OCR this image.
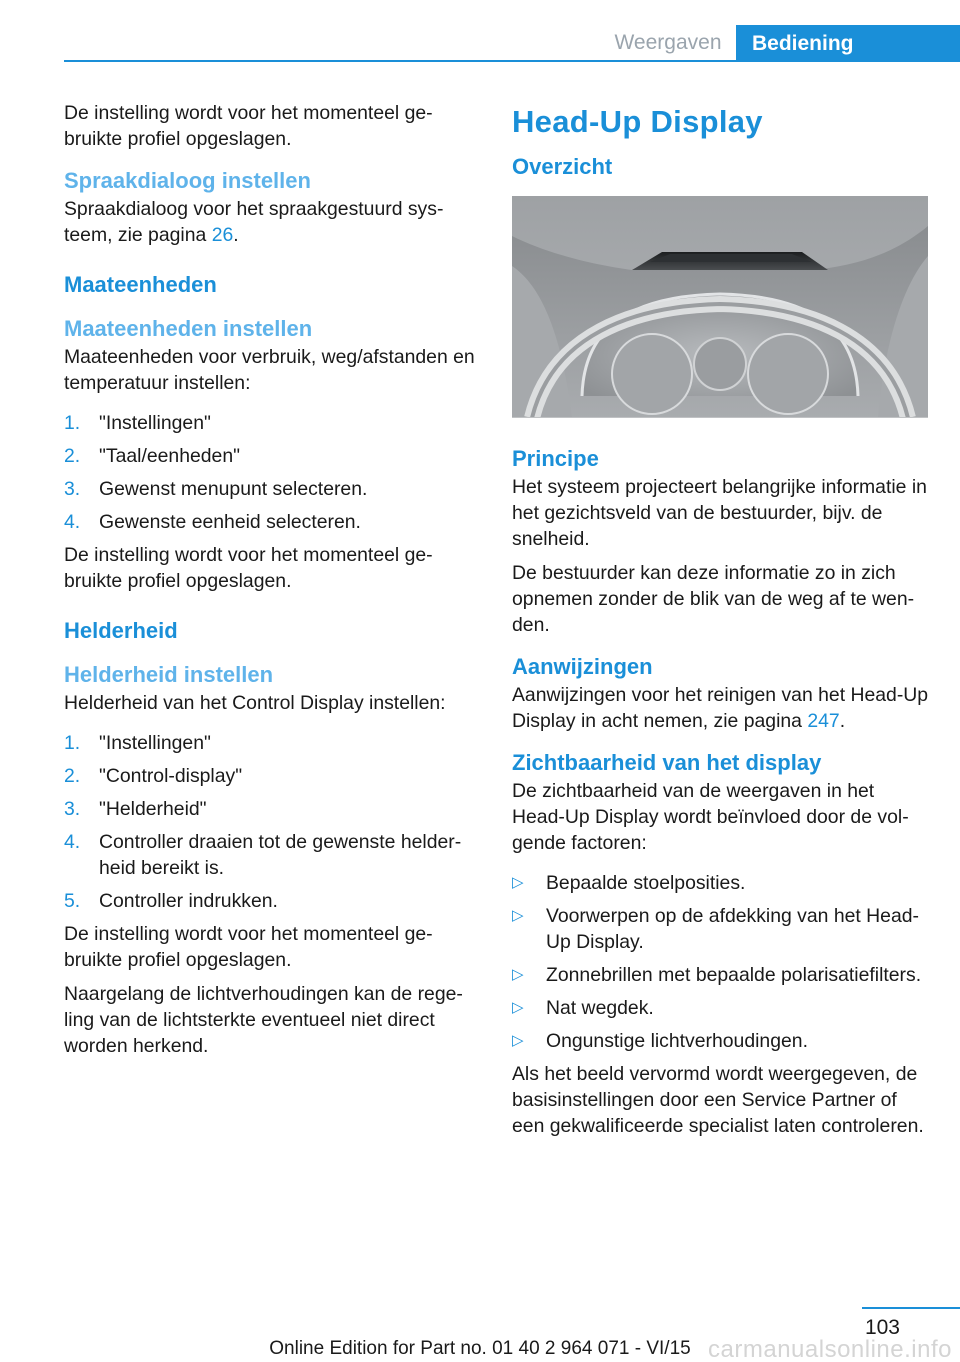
Weergaven	Bediening

De instelling wordt voor het momenteel gebruikte profiel opgeslagen.

Spraakdialoog instellen

Spraakdialoog voor het spraakgestuurd systeem, zie pagina 26.

Maateenheden
Maateenheden instellen

Maateenheden voor verbruik, weg/afstanden en temperatuur instellen:

1. "Instellingen"
2. "Taal/eenheden"
3. Gewenst menupunt selecteren.
4. Gewenste eenheid selecteren.

De instelling wordt voor het momenteel gebruikte profiel opgeslagen.

Helderheid
Helderheid instellen

Helderheid van het Control Display instellen:

1. "Instellingen"
2. "Control-display"
3. "Helderheid"
4. Controller draaien tot de gewenste helderheid bereikt is.
5. Controller indrukken.

De instelling wordt voor het momenteel gebruikte profiel opgeslagen.

Naargelang de lichtverhoudingen kan de regeling van de lichtsterkte eventueel niet direct worden herkend.

Head-Up Display
Overzicht
Principe

Het systeem projecteert belangrijke informatie in het gezichtsveld van de bestuurder, bijv. de snelheid.

De bestuurder kan deze informatie zo in zich opnemen zonder de blik van de weg af te wenden.

Aanwijzingen

Aanwijzingen voor het reinigen van het Head-Up Display in acht nemen, zie pagina 247.

Zichtbaarheid van het display

De zichtbaarheid van de weergaven in het Head-Up Display wordt beïnvloed door de volgende factoren:

▷ Bepaalde stoelposities.
▷ Voorwerpen op de afdekking van het Head-Up Display.
▷ Zonnebrillen met bepaalde polarisatiefilters.
▷ Nat wegdek.
▷ Ongunstige lichtverhoudingen.

Als het beeld vervormd wordt weergegeven, de basisinstellingen door een Service Partner of een gekwalificeerde specialist laten controleren.

103
Online Edition for Part no. 01 40 2 964 071 - VI/15 carmanualsonline.info
